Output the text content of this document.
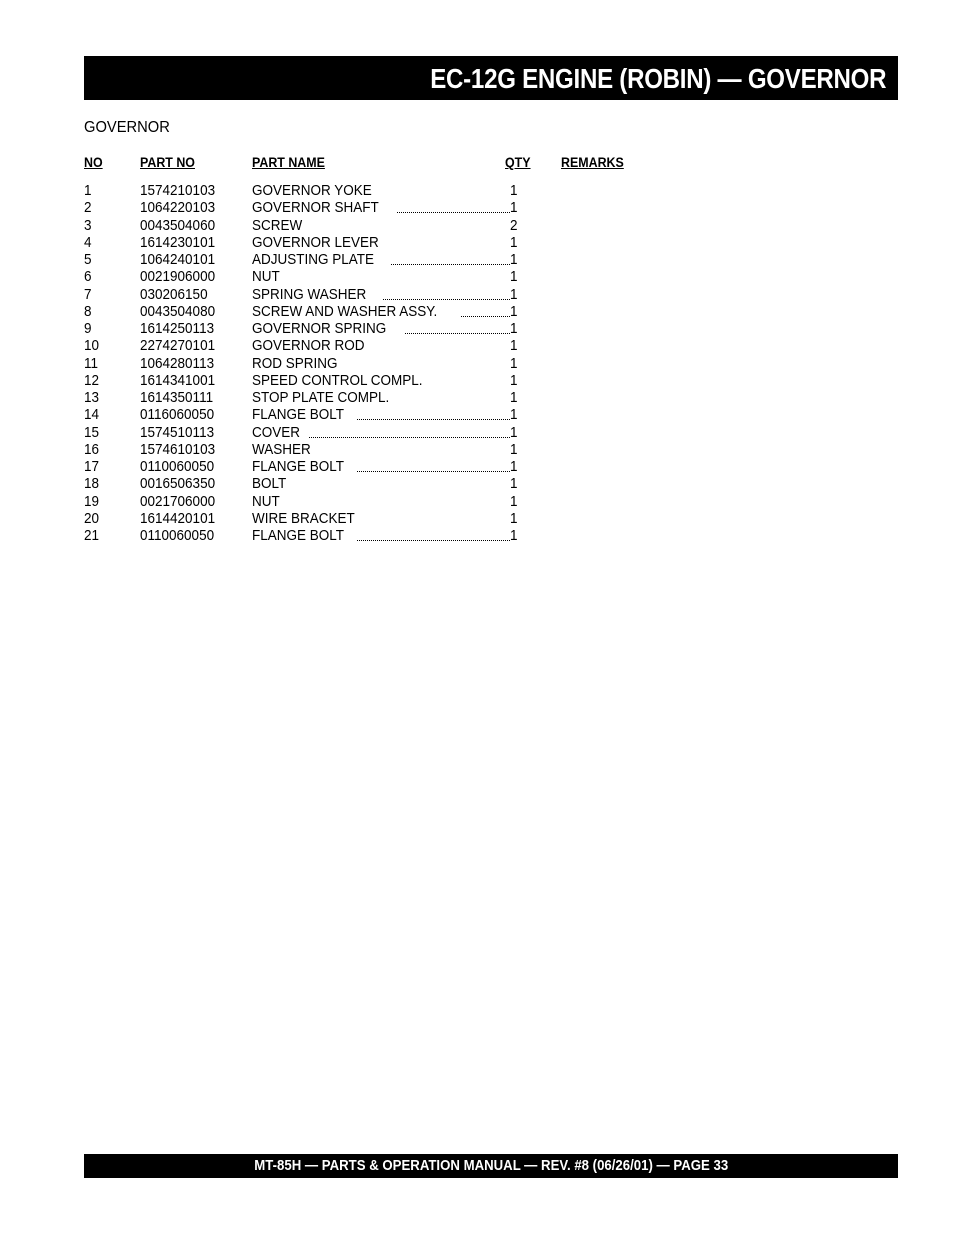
EC-12G ENGINE (ROBIN) — GOVERNOR
GOVERNOR
NO	PART NO	PART NAME	QTY REMARKS
1	1574210103	GOVERNOR YOKE	1
2	1064220103	GOVERNOR SHAFT	1
3	0043504060	SCREW	2
4	1614230101	GOVERNOR LEVER	1
5	1064240101	ADJUSTING PLATE	1
6	0021906000	NUT	1
7	030206150	SPRING WASHER	1
8	0043504080	SCREW AND WASHER ASSY.	1
9	1614250113	GOVERNOR SPRING	1
10	2274270101	GOVERNOR ROD	1
11	1064280113	ROD SPRING	1
12	1614341001	SPEED CONTROL COMPL.	1
13	1614350111	STOP PLATE COMPL.	1
14	0116060050	FLANGE BOLT	1
15	1574510113	COVER	1
16	1574610103	WASHER	1
17	0110060050	FLANGE BOLT	1
18	0016506350	BOLT	1
19	0021706000	NUT	1
20	1614420101	WIRE BRACKET	1
21	0110060050	FLANGE BOLT	1
MT-85H — PARTS & OPERATION MANUAL — REV. #8 (06/26/01) — PAGE 33
